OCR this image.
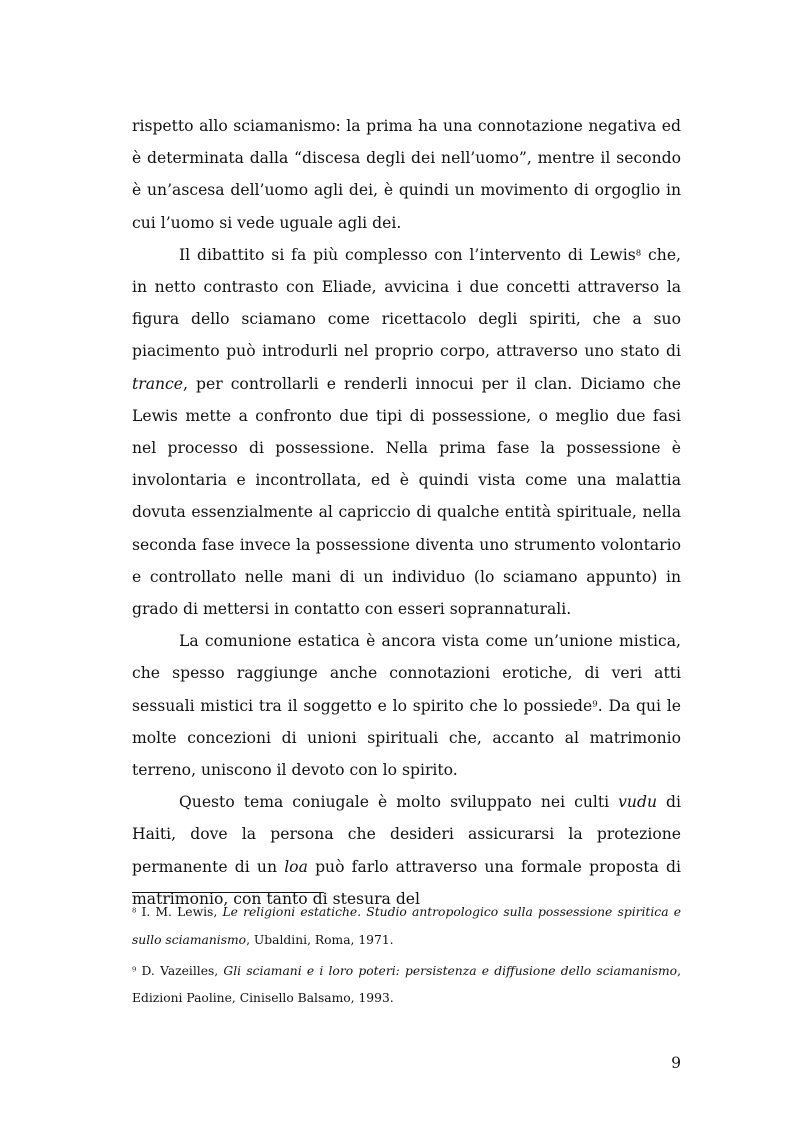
rispetto allo sciamanismo: la prima ha una connotazione negativa ed è determinata dalla “discesa degli dei nell’uomo”, mentre il secondo è un’ascesa dell’uomo agli dei, è quindi un movimento di orgoglio in cui l’uomo si vede uguale agli dei.

Il dibattito si fa più complesso con l’intervento di Lewis$^8$ che, in netto contrasto con Eliade, avvicina i due concetti attraverso la figura dello sciamano come ricettacolo degli spiriti, che a suo piacimento può introdurli nel proprio corpo, attraverso uno stato di trance, per controllarli e renderli innocui per il clan. Diciamo che Lewis mette a confronto due tipi di possessione, o meglio due fasi nel processo di possessione. Nella prima fase la possessione è involontaria e incontrollata, ed è quindi vista come una malattia dovuta essenzialmente al capriccio di qualche entità spirituale, nella seconda fase invece la possessione diventa uno strumento volontario e controllato nelle mani di un individuo (lo sciamano appunto) in grado di mettersi in contatto con esseri soprannaturali.

La comunione estatica è ancora vista come un’unione mistica, che spesso raggiunge anche connotazioni erotiche, di veri atti sessuali mistici tra il soggetto e lo spirito che lo possiede$^9$. Da qui le molte concezioni di unioni spirituali che, accanto al matrimonio terreno, uniscono il devoto con lo spirito.

Questo tema coniugale è molto sviluppato nei culti vudu di Haiti, dove la persona che desideri assicurarsi la protezione permanente di un loa può farlo attraverso una formale proposta di matrimonio, con tanto di stesura del

$^8$ I. M. Lewis, Le religioni estatiche. Studio antropologico sulla possessione spiritica e sullo sciamanismo, Ubaldini, Roma, 1971.

$^9$ D. Vazeilles, Gli sciamani e i loro poteri: persistenza e diffusione dello sciamanismo, Edizioni Paoline, Cinisello Balsamo, 1993.

9
